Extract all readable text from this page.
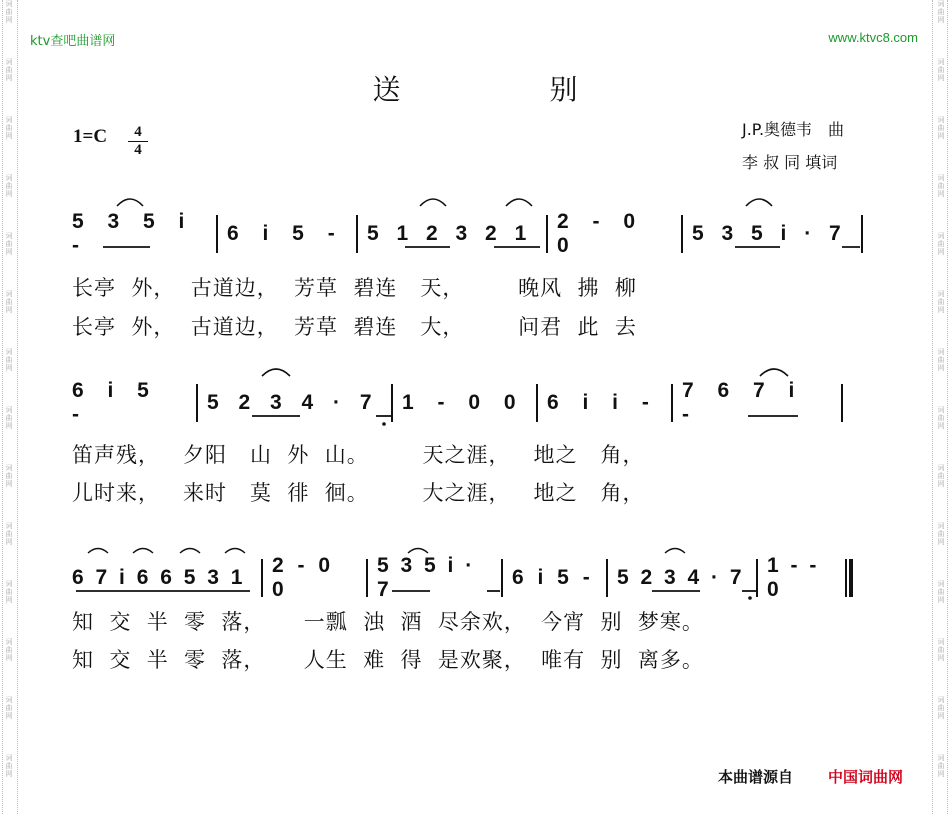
ktv查吧曲谱网	www.ktvc8.com
送 别
1=C	4
4
J.P.奥德韦　曲
李 叔 同 填词
5 3 5 i -
6 i 5 - 5 1 2 3 2 1
2 - 0 0
5 3 5 i · 7
长亭  外，  古道边，  芳草  碧连   天，       晚风  拂  柳
长亭  外，  古道边，  芳草  碧连   大，       问君  此  去
6 i 5 -
5 2 3 4 · 7 1 - 0 0 6 i i -
7 6 7 i -
笛声残，   夕阳   山  外  山。       天之涯，   地之   角，
儿时来，   来时   莫  徘  徊。       大之涯，   地之   角，
6 7 i 6 6 5 3 1
2 - 0 0
5 3 5 i · 7
6 i 5 - 5 2 3 4 · 7
1 - - 0
知  交  半  零  落，     一瓢  浊  酒  尽余欢，  今宵  别  梦寒。
知  交  半  零  落，     人生  难  得  是欢聚，  唯有  别  离多。
本曲谱源自 中国词曲网
词
曲
网
词
曲
网
词
曲
网
词
曲
网
词
曲
网
词
曲
网
词
曲
网
词
曲
网
词
曲
网
词
曲
网
词
曲
网
词
曲
网
词
曲
网
词
曲
网
词
曲
网
词
曲
网
词
曲
网
词
曲
网
词
曲
网
词
曲
网
词
曲
网
词
曲
网
词
曲
网
词
曲
网
词
曲
网
词
曲
网
词
曲
网
词
曲
网
